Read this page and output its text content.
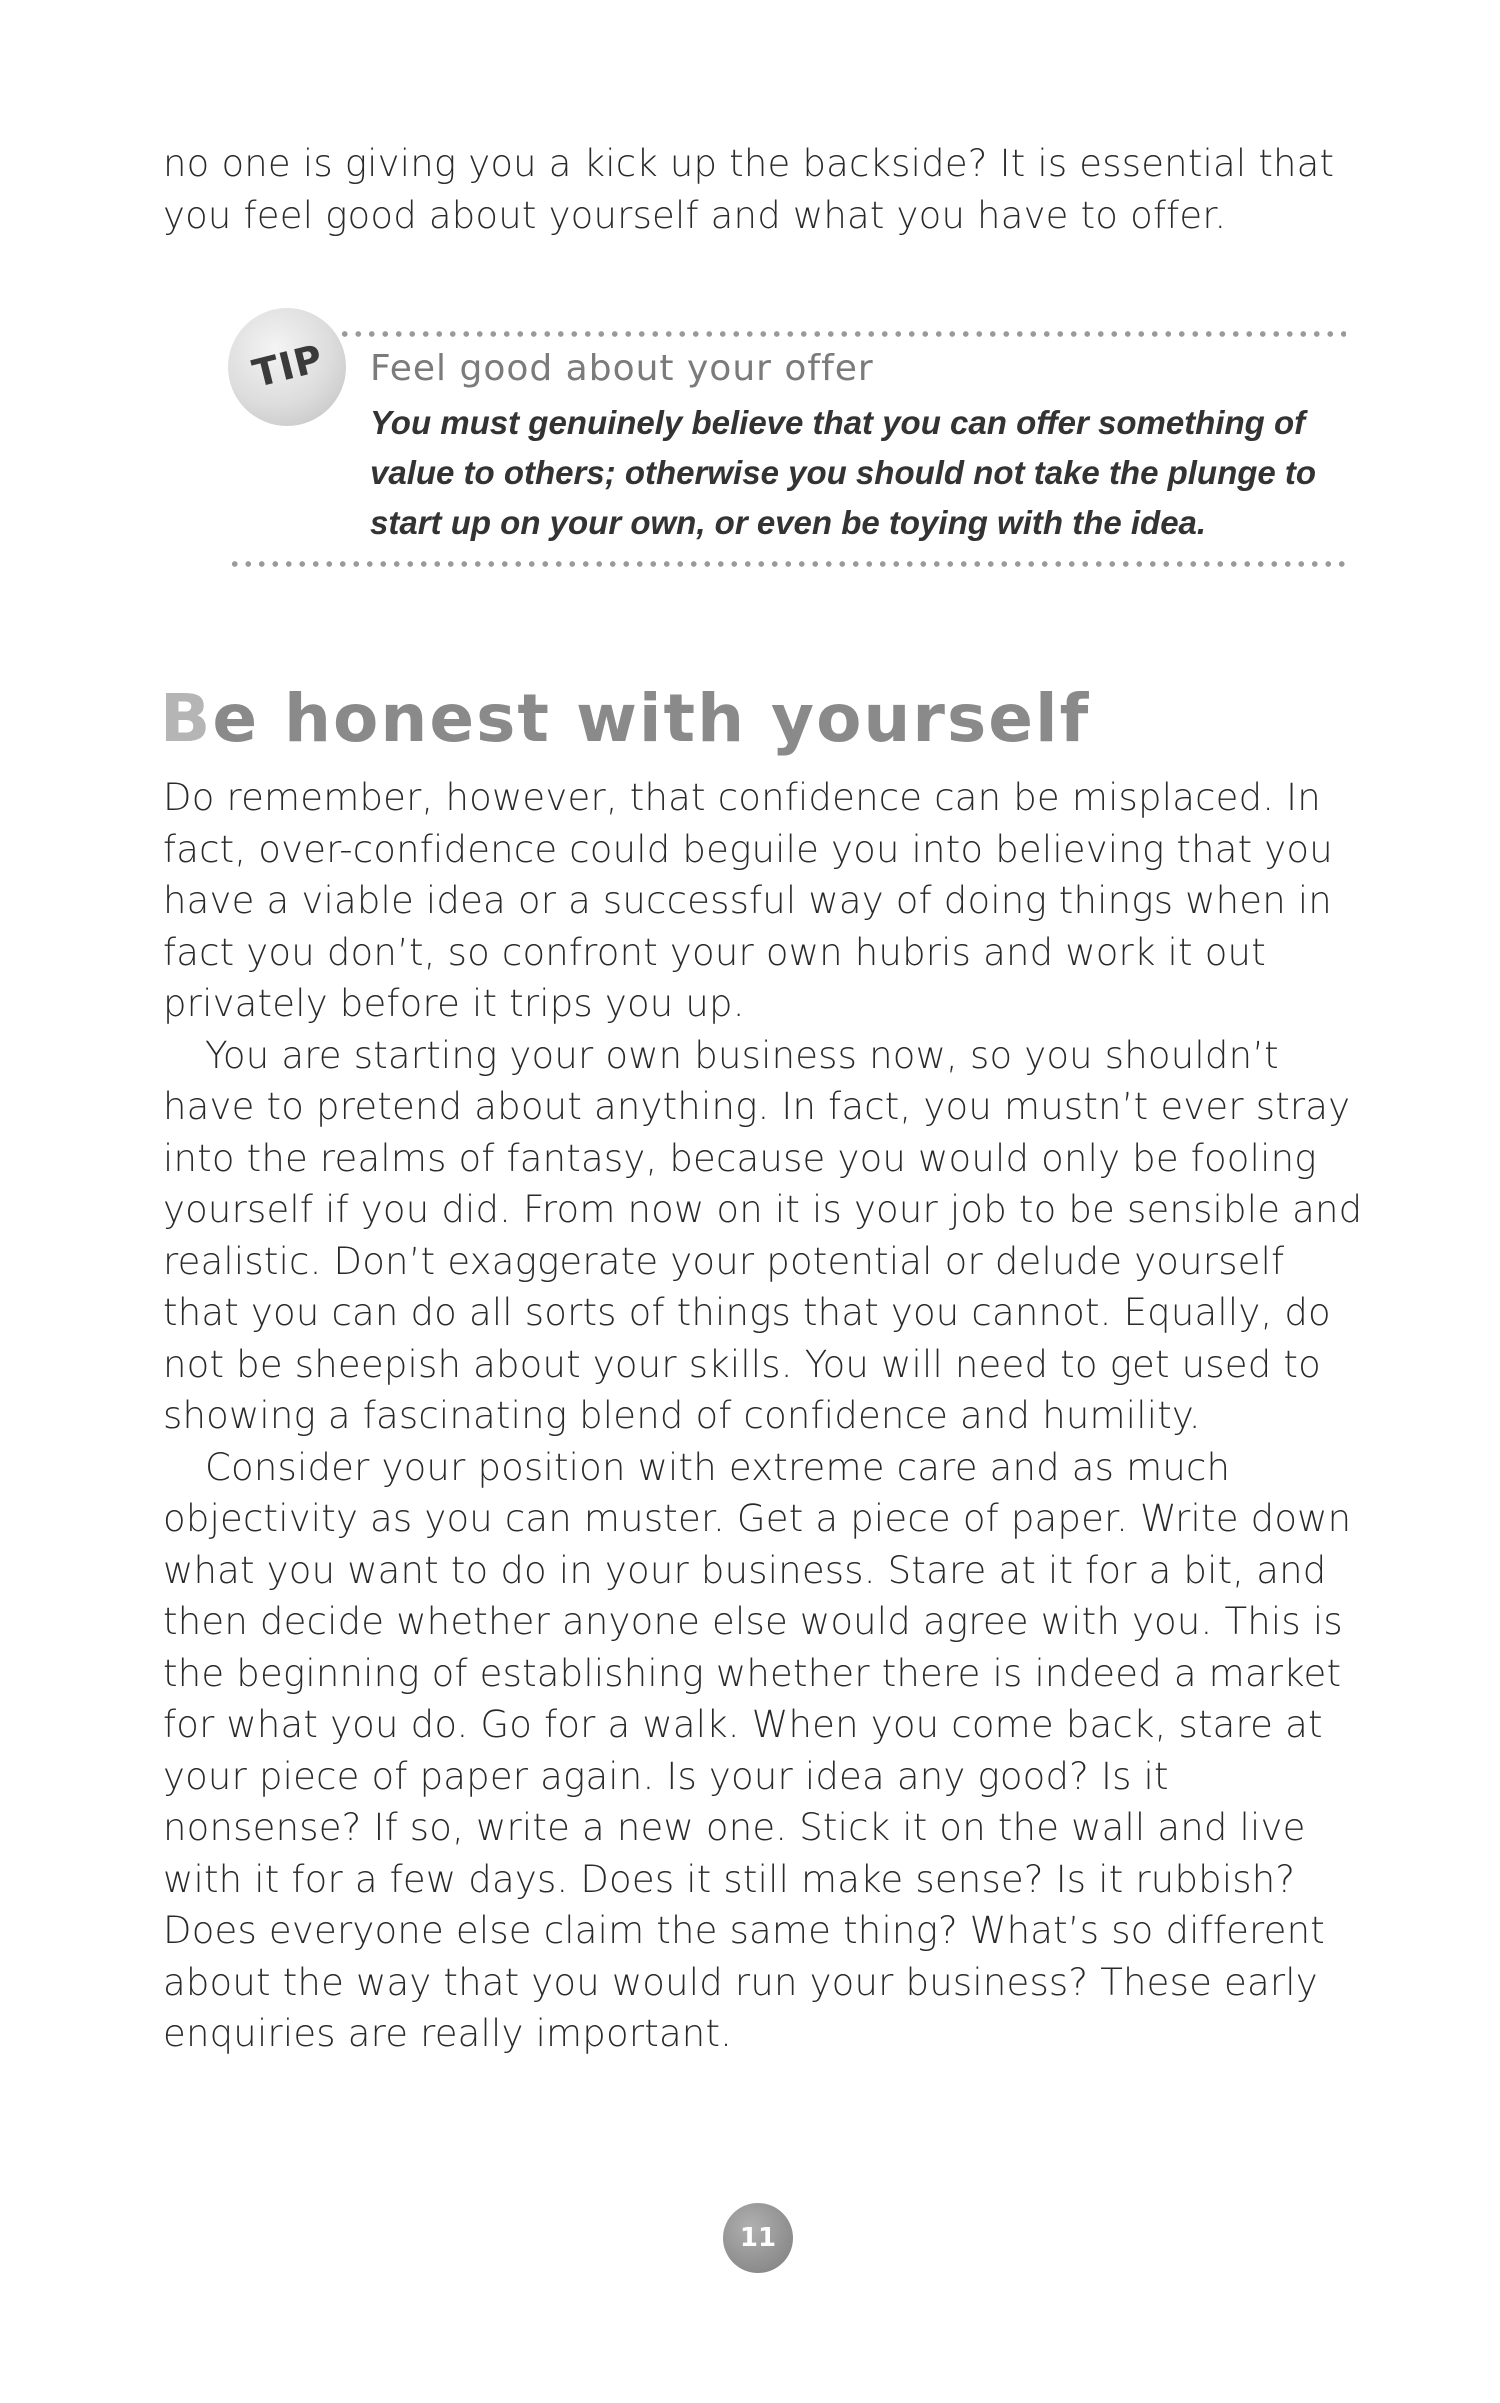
no one is giving you a kick up the backside? It is essential that you feel good about yourself and what you have to offer.

TIP	Feel good about your offer

You must genuinely believe that you can offer something of value to others; otherwise you should not take the plunge to start up on your own, or even be toying with the idea.

Be honest with yourself

Do remember, however, that confidence can be misplaced. In fact, over-confidence could beguile you into believing that you have a viable idea or a successful way of doing things when in fact you don’t, so confront your own hubris and work it out privately before it trips you up.

You are starting your own business now, so you shouldn’t have to pretend about anything. In fact, you mustn’t ever stray into the realms of fantasy, because you would only be fooling yourself if you did. From now on it is your job to be sensible and realistic. Don’t exaggerate your potential or delude yourself that you can do all sorts of things that you cannot. Equally, do not be sheepish about your skills. You will need to get used to showing a fascinating blend of confidence and humility.

Consider your position with extreme care and as much objectivity as you can muster. Get a piece of paper. Write down what you want to do in your business. Stare at it for a bit, and then decide whether anyone else would agree with you. This is the beginning of establishing whether there is indeed a market for what you do. Go for a walk. When you come back, stare at your piece of paper again. Is your idea any good? Is it nonsense? If so, write a new one. Stick it on the wall and live with it for a few days. Does it still make sense? Is it rubbish? Does everyone else claim the same thing? What’s so different about the way that you would run your business? These early enquiries are really important.

11
